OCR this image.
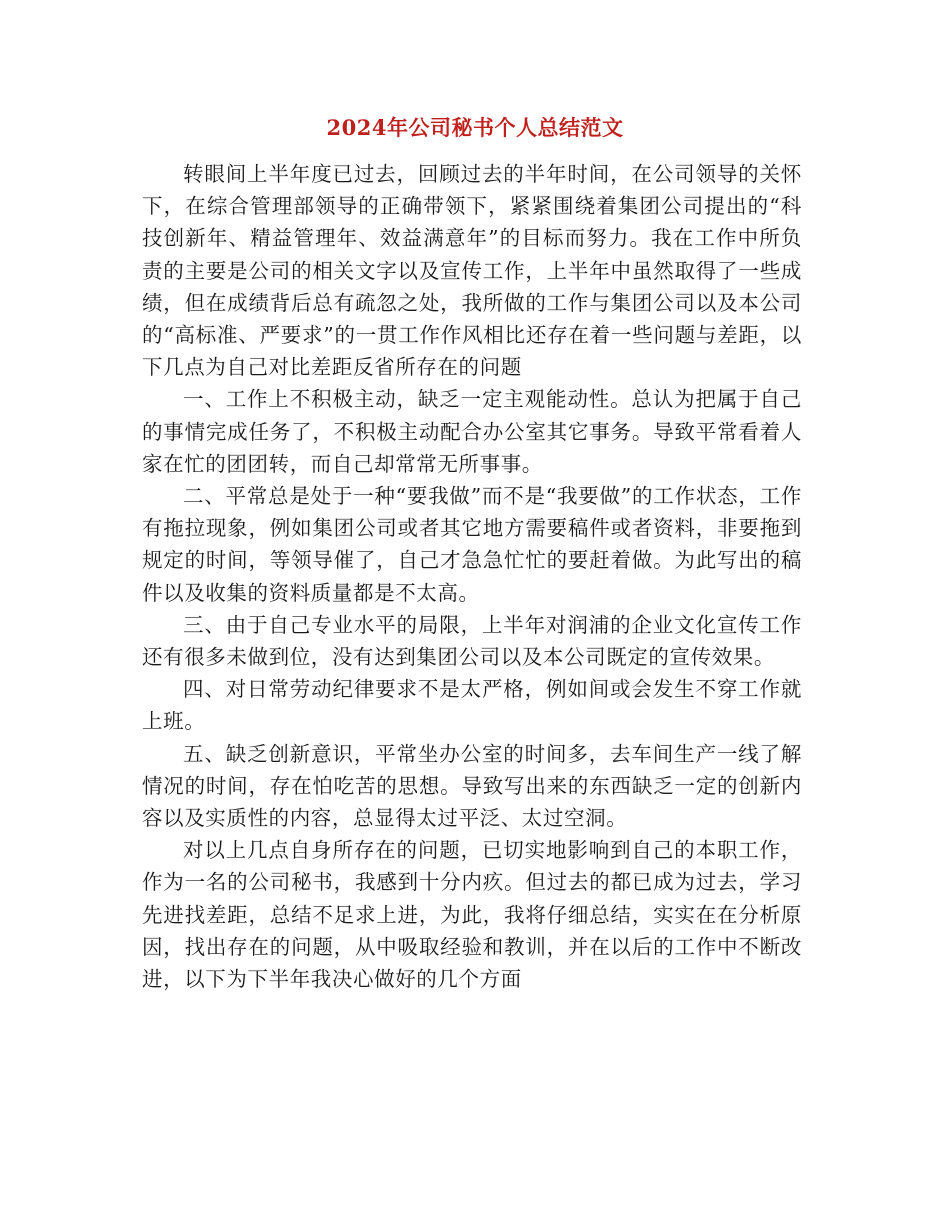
2024年公司秘书个人总结范文

转眼间上半年度已过去，回顾过去的半年时间，在公司领导的关怀下，在综合管理部领导的正确带领下，紧紧围绕着集团公司提出的“科技创新年、精益管理年、效益满意年”的目标而努力。我在工作中所负责的主要是公司的相关文字以及宣传工作，上半年中虽然取得了一些成绩，但在成绩背后总有疏忽之处，我所做的工作与集团公司以及本公司的“高标准、严要求”的一贯工作作风相比还存在着一些问题与差距，以下几点为自己对比差距反省所存在的问题

一、工作上不积极主动，缺乏一定主观能动性。总认为把属于自己的事情完成任务了，不积极主动配合办公室其它事务。导致平常看着人家在忙的团团转，而自己却常常无所事事。

二、平常总是处于一种“要我做”而不是“我要做”的工作状态，工作有拖拉现象，例如集团公司或者其它地方需要稿件或者资料，非要拖到规定的时间，等领导催了，自己才急急忙忙的要赶着做。为此写出的稿件以及收集的资料质量都是不太高。

三、由于自己专业水平的局限，上半年对润浦的企业文化宣传工作还有很多未做到位，没有达到集团公司以及本公司既定的宣传效果。

四、对日常劳动纪律要求不是太严格，例如间或会发生不穿工作就上班。

五、缺乏创新意识，平常坐办公室的时间多，去车间生产一线了解情况的时间，存在怕吃苦的思想。导致写出来的东西缺乏一定的创新内容以及实质性的内容，总显得太过平泛、太过空洞。

对以上几点自身所存在的问题，已切实地影响到自己的本职工作，作为一名的公司秘书，我感到十分内疚。但过去的都已成为过去，学习先进找差距，总结不足求上进，为此，我将仔细总结，实实在在分析原因，找出存在的问题，从中吸取经验和教训，并在以后的工作中不断改进，以下为下半年我决心做好的几个方面
